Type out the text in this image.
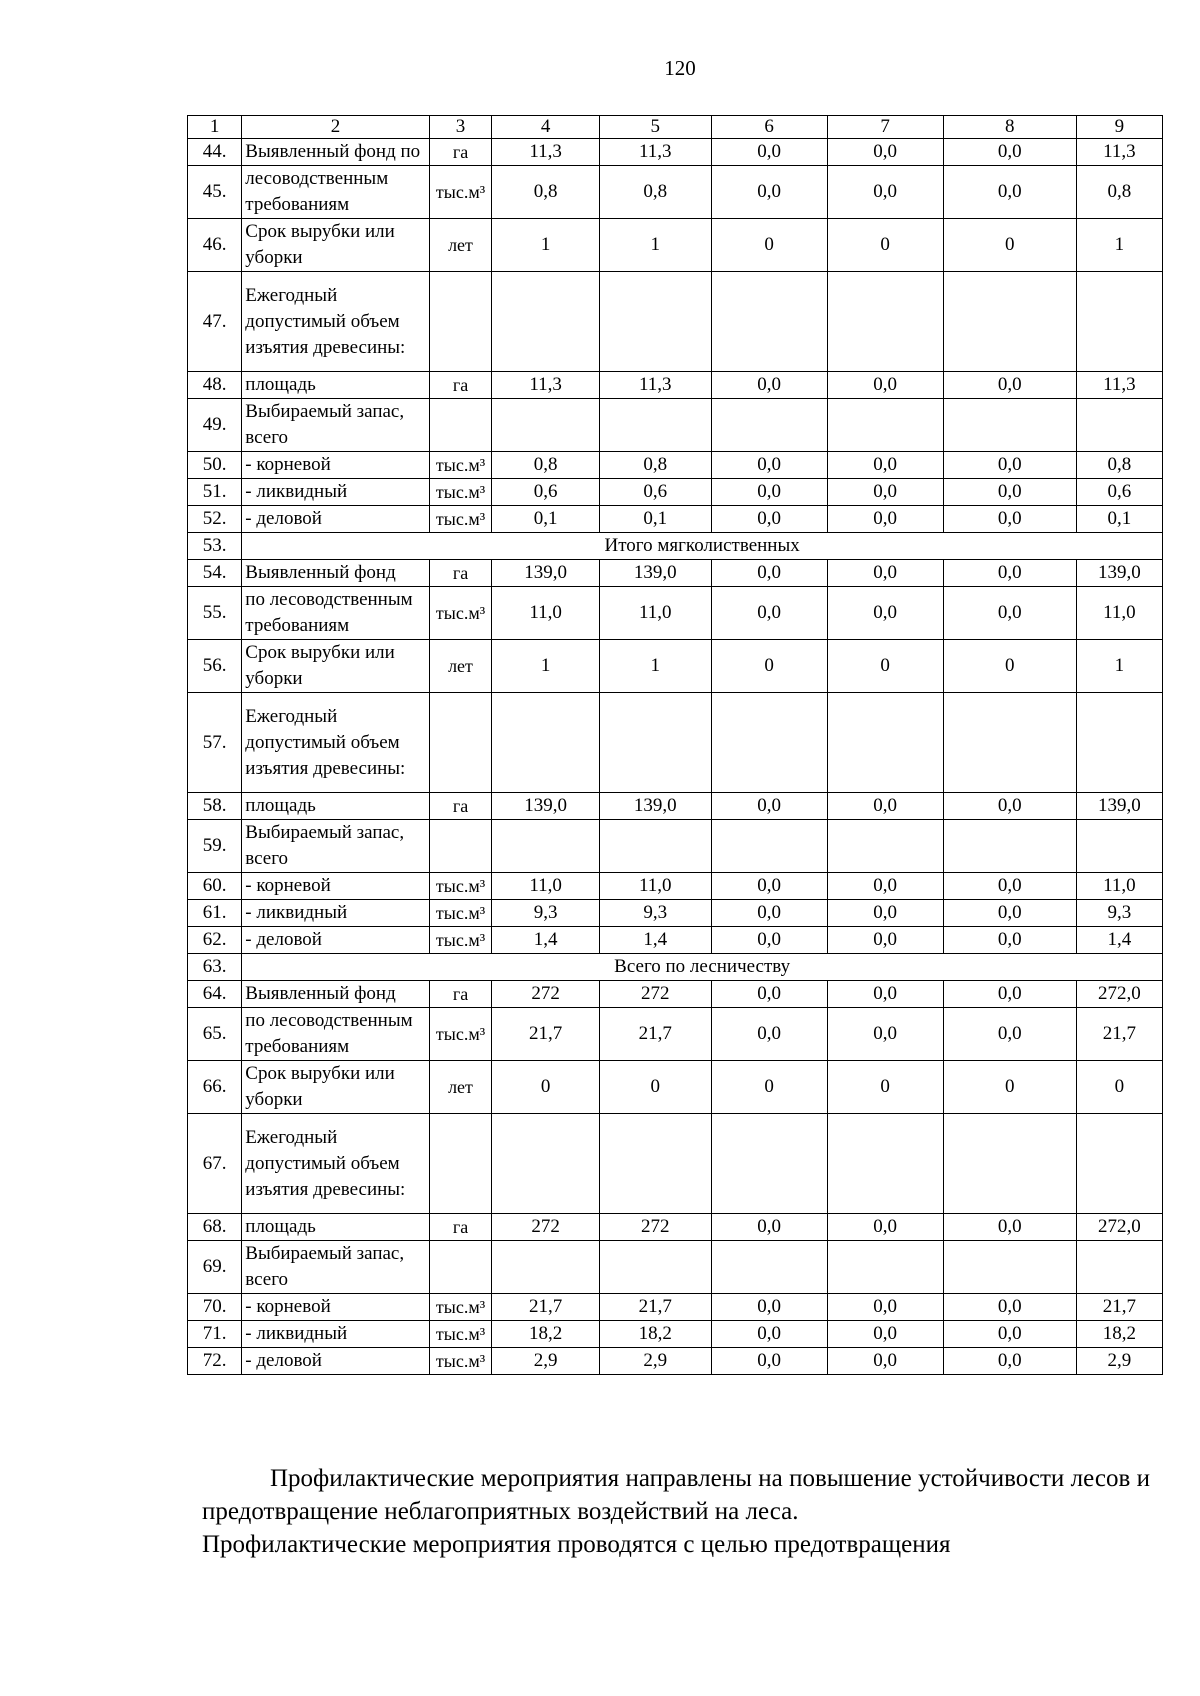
120
1	2	3	4	5	6	7	8	9
44.	Выявленный фонд по	га	11,3	11,3	0,0	0,0	0,0	11,3
45.	лесоводственным требованиям	тыс.м³	0,8	0,8	0,0	0,0	0,0	0,8
46.	Срок вырубки или уборки	лет	1	1	0	0	0	1
47.	Ежегодный допустимый объем изъятия древесины:							
48.	площадь	га	11,3	11,3	0,0	0,0	0,0	11,3
49.	Выбираемый запас, всего							
50.	- корневой	тыс.м³	0,8	0,8	0,0	0,0	0,0	0,8
51.	- ликвидный	тыс.м³	0,6	0,6	0,0	0,0	0,0	0,6
52.	- деловой	тыс.м³	0,1	0,1	0,0	0,0	0,0	0,1
53.	Итого мягколиственных							
54.	Выявленный фонд	га	139,0	139,0	0,0	0,0	0,0	139,0
55.	по лесоводственным требованиям	тыс.м³	11,0	11,0	0,0	0,0	0,0	11,0
56.	Срок вырубки или уборки	лет	1	1	0	0	0	1
57.	Ежегодный допустимый объем изъятия древесины:							
58.	площадь	га	139,0	139,0	0,0	0,0	0,0	139,0
59.	Выбираемый запас, всего							
60.	- корневой	тыс.м³	11,0	11,0	0,0	0,0	0,0	11,0
61.	- ликвидный	тыс.м³	9,3	9,3	0,0	0,0	0,0	9,3
62.	- деловой	тыс.м³	1,4	1,4	0,0	0,0	0,0	1,4
63.	Всего по лесничеству							
64.	Выявленный фонд	га	272	272	0,0	0,0	0,0	272,0
65.	по лесоводственным требованиям	тыс.м³	21,7	21,7	0,0	0,0	0,0	21,7
66.	Срок вырубки или уборки	лет	0	0	0	0	0	0
67.	Ежегодный допустимый объем изъятия древесины:							
68.	площадь	га	272	272	0,0	0,0	0,0	272,0
69.	Выбираемый запас, всего							
70.	- корневой	тыс.м³	21,7	21,7	0,0	0,0	0,0	21,7
71.	- ликвидный	тыс.м³	18,2	18,2	0,0	0,0	0,0	18,2
72.	- деловой	тыс.м³	2,9	2,9	0,0	0,0	0,0	2,9

Профилактические мероприятия направлены на повышение устойчивости лесов и предотвращение неблагоприятных воздействий на леса.

Профилактические мероприятия проводятся с целью предотвращения
